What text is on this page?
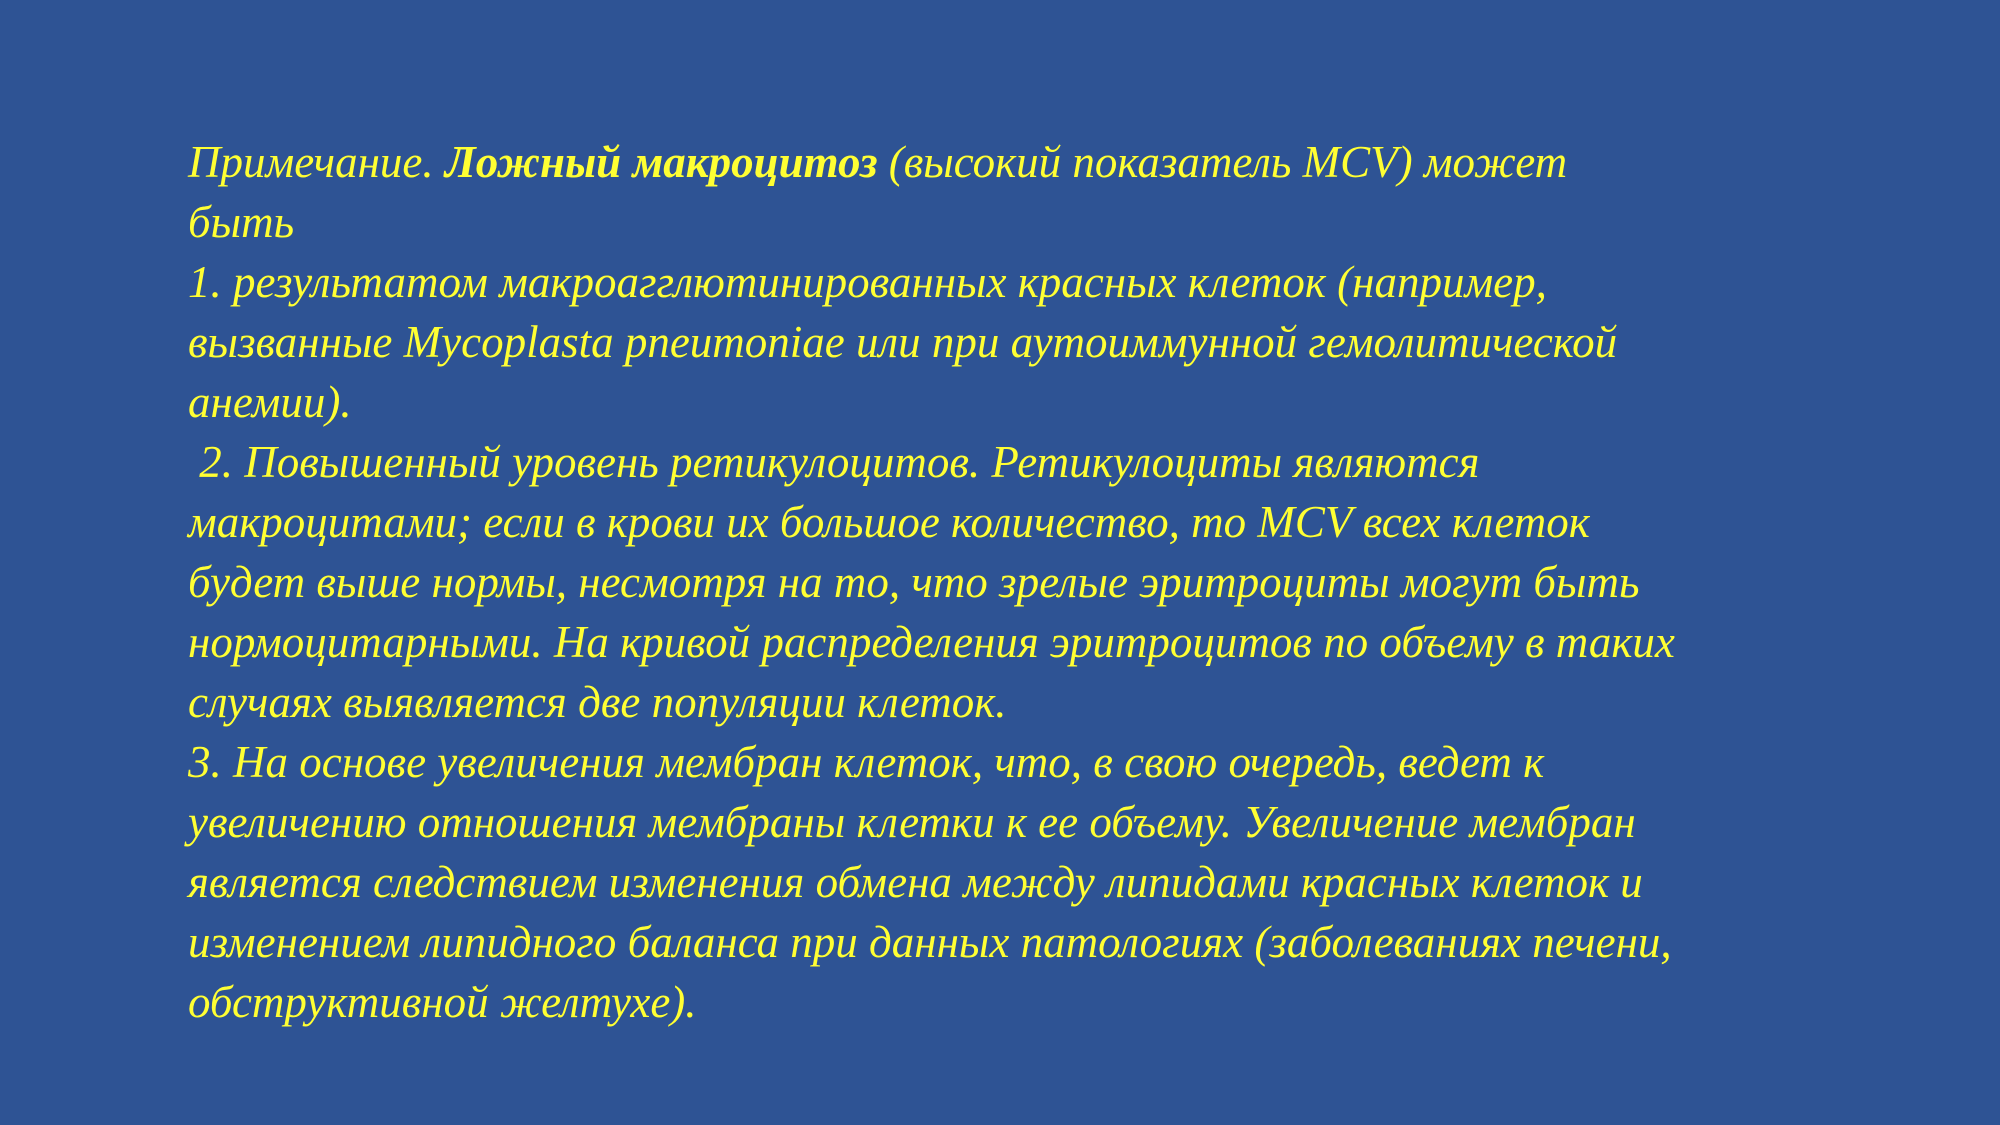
Примечание. Ложный макроцитоз (высокий показатель MCV) может
быть
1. результатом макроагглютинированных красных клеток (например,
вызванные Mycoplasta pneumoniae или при аутоиммунной гемолитической
анемии).
2. Повышенный уровень ретикулоцитов. Ретикулоциты являются
макроцитами; если в крови их большое количество, то MCV всех клеток
будет выше нормы, несмотря на то, что зрелые эритроциты могут быть
нормоцитарными. На кривой распределения эритроцитов по объему в таких
случаях выявляется две популяции клеток.
3. На основе увеличения мембран клеток, что, в свою очередь, ведет к
увеличению отношения мембраны клетки к ее объему. Увеличение мембран
является следствием изменения обмена между липидами красных клеток и
изменением липидного баланса при данных патологиях (заболеваниях печени,
обструктивной желтухе).
